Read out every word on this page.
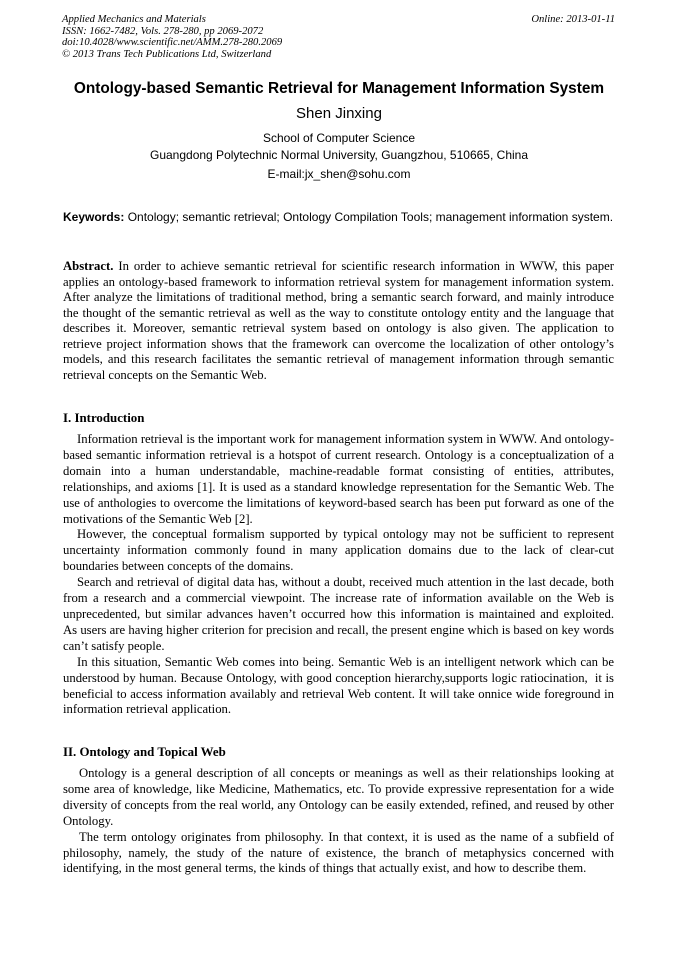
Applied Mechanics and Materials
ISSN: 1662-7482, Vols. 278-280, pp 2069-2072
doi:10.4028/www.scientific.net/AMM.278-280.2069
© 2013 Trans Tech Publications Ltd, Switzerland
Online: 2013-01-11
Ontology-based Semantic Retrieval for Management Information System
Shen Jinxing
School of Computer Science
Guangdong Polytechnic Normal University, Guangzhou, 510665, China
E-mail:jx_shen@sohu.com
Keywords: Ontology; semantic retrieval; Ontology Compilation Tools; management information system.
Abstract. In order to achieve semantic retrieval for scientific research information in WWW, this paper applies an ontology-based framework to information retrieval system for management information system. After analyze the limitations of traditional method, bring a semantic search forward, and mainly introduce the thought of the semantic retrieval as well as the way to constitute ontology entity and the language that describes it. Moreover, semantic retrieval system based on ontology is also given. The application to retrieve project information shows that the framework can overcome the localization of other ontology’s models, and this research facilitates the semantic retrieval of management information through semantic retrieval concepts on the Semantic Web.
I. Introduction

Information retrieval is the important work for management information system in WWW. And ontology-based semantic information retrieval is a hotspot of current research. Ontology is a conceptualization of a domain into a human understandable, machine-readable format consisting of entities, attributes, relationships, and axioms [1]. It is used as a standard knowledge representation for the Semantic Web. The use of anthologies to overcome the limitations of keyword-based search has been put forward as one of the motivations of the Semantic Web [2].

However, the conceptual formalism supported by typical ontology may not be sufficient to represent uncertainty information commonly found in many application domains due to the lack of clear-cut boundaries between concepts of the domains.

Search and retrieval of digital data has, without a doubt, received much attention in the last decade, both from a research and a commercial viewpoint. The increase rate of information available on the Web is unprecedented, but similar advances haven’t occurred how this information is maintained and exploited.     As users are having higher criterion for precision and recall, the present engine which is based on key words can’t satisfy people.

In this situation, Semantic Web comes into being. Semantic Web is an intelligent network which can be understood by human. Because Ontology, with good conception hierarchy,supports logic ratiocination,  it is beneficial to access information availably and retrieval Web content. It will take onnice wide foreground in information retrieval application.

II. Ontology and Topical Web

Ontology is a general description of all concepts or meanings as well as their relationships looking at some area of knowledge, like Medicine, Mathematics, etc. To provide expressive representation for a wide diversity of concepts from the real world, any Ontology can be easily extended, refined, and reused by other Ontology.

The term ontology originates from philosophy. In that context, it is used as the name of a subfield of philosophy, namely, the study of the nature of existence, the branch of metaphysics concerned with identifying, in the most general terms, the kinds of things that actually exist, and how to describe them.
